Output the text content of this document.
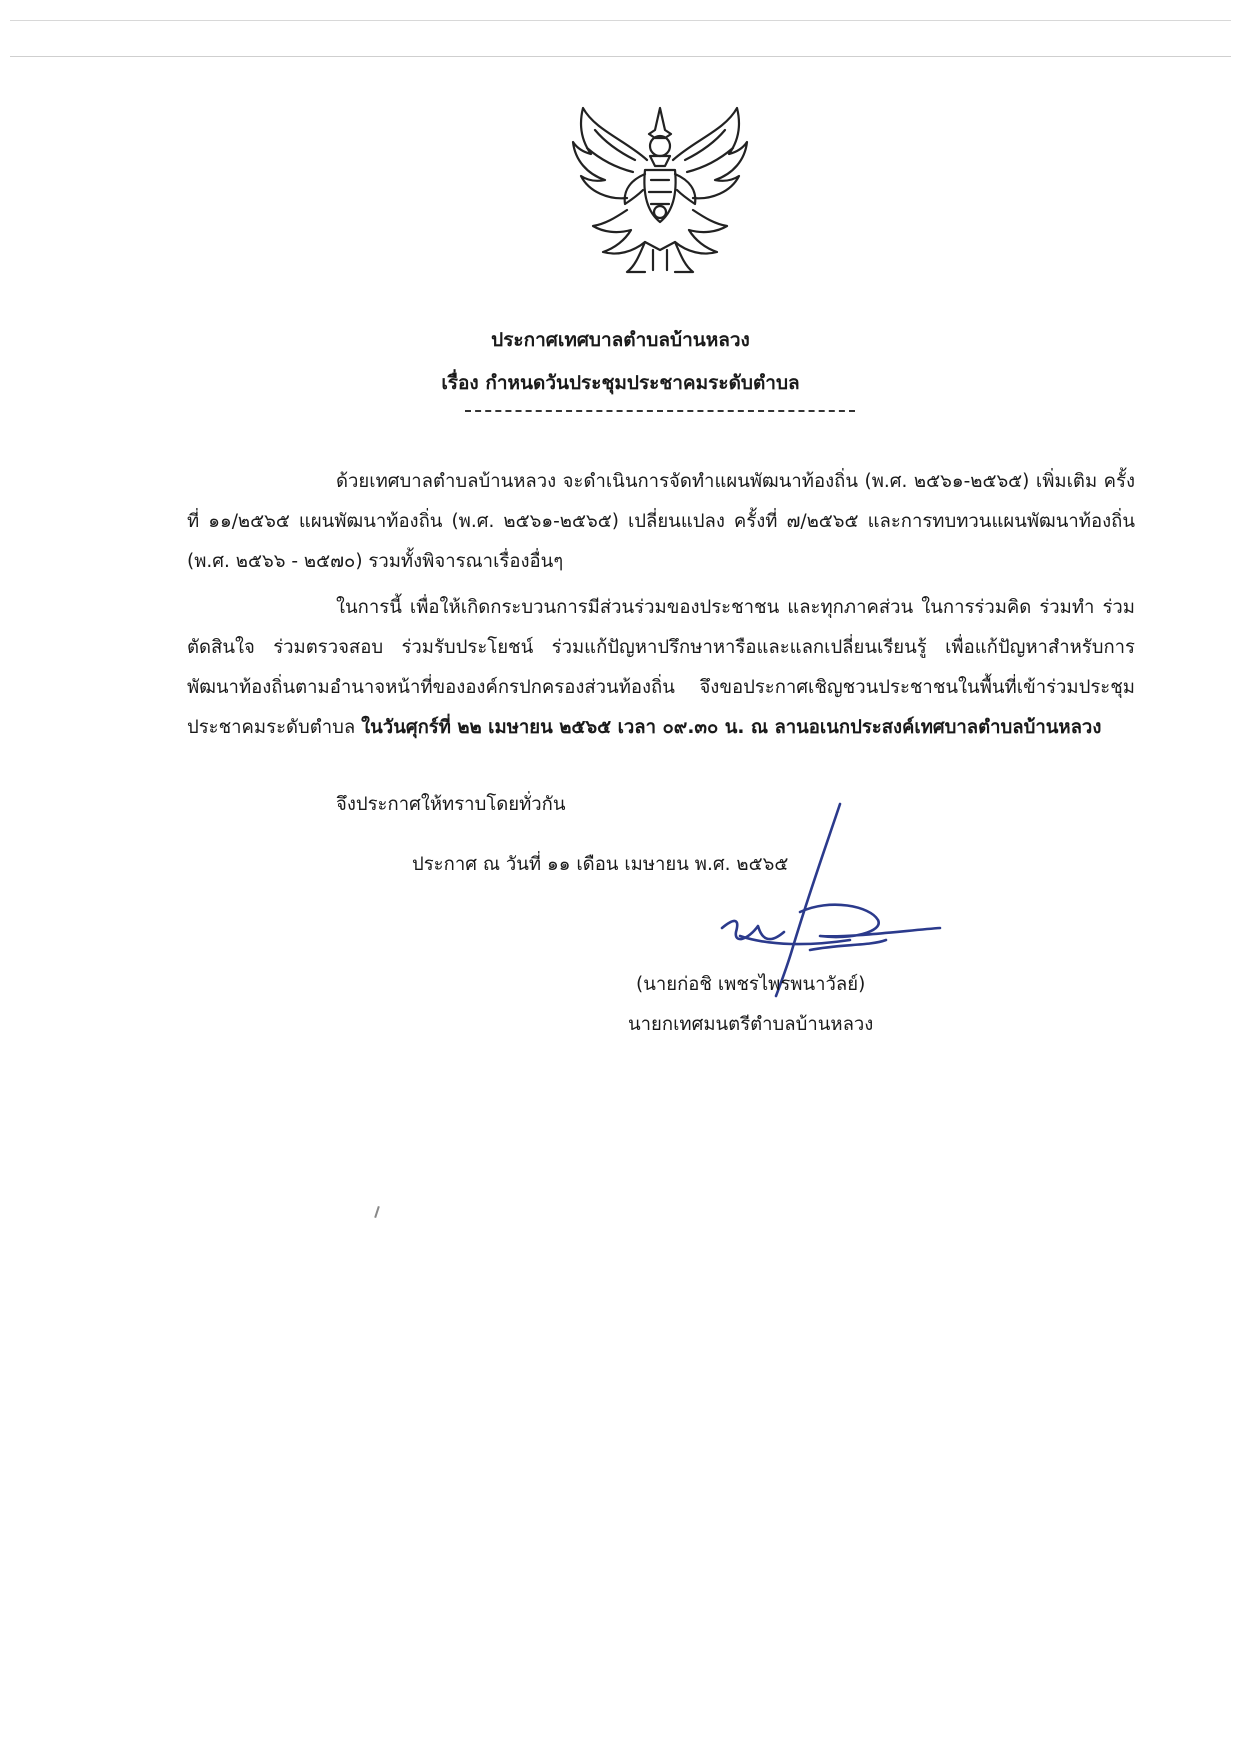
ประกาศเทศบาลตำบลบ้านหลวง
เรื่อง กำหนดวันประชุมประชาคมระดับตำบล
ด้วยเทศบาลตำบลบ้านหลวง จะดำเนินการจัดทำแผนพัฒนาท้องถิ่น (พ.ศ. ๒๕๖๑-๒๕๖๕) เพิ่มเติม ครั้งที่ ๑๑/๒๕๖๕ แผนพัฒนาท้องถิ่น (พ.ศ. ๒๕๖๑-๒๕๖๕) เปลี่ยนแปลง ครั้งที่ ๗/๒๕๖๕ และการทบทวนแผนพัฒนาท้องถิ่น (พ.ศ. ๒๕๖๖ - ๒๕๗๐) รวมทั้งพิจารณาเรื่องอื่นๆ
ในการนี้ เพื่อให้เกิดกระบวนการมีส่วนร่วมของประชาชน และทุกภาคส่วน ในการร่วมคิด ร่วมทำ ร่วมตัดสินใจ ร่วมตรวจสอบ ร่วมรับประโยชน์ ร่วมแก้ปัญหาปรึกษาหารือและแลกเปลี่ยนเรียนรู้ เพื่อแก้ปัญหาสำหรับการพัฒนาท้องถิ่นตามอำนาจหน้าที่ขององค์กรปกครองส่วนท้องถิ่น จึงขอประกาศเชิญชวนประชาชนในพื้นที่เข้าร่วมประชุมประชาคมระดับตำบล ในวันศุกร์ที่ ๒๒ เมษายน ๒๕๖๕ เวลา ๐๙.๓๐ น. ณ ลานอเนกประสงค์เทศบาลตำบลบ้านหลวง
จึงประกาศให้ทราบโดยทั่วกัน
ประกาศ ณ วันที่ ๑๑ เดือน เมษายน พ.ศ. ๒๕๖๕
(นายก่อชิ เพชรไพรพนาวัลย์)
นายกเทศมนตรีตำบลบ้านหลวง
